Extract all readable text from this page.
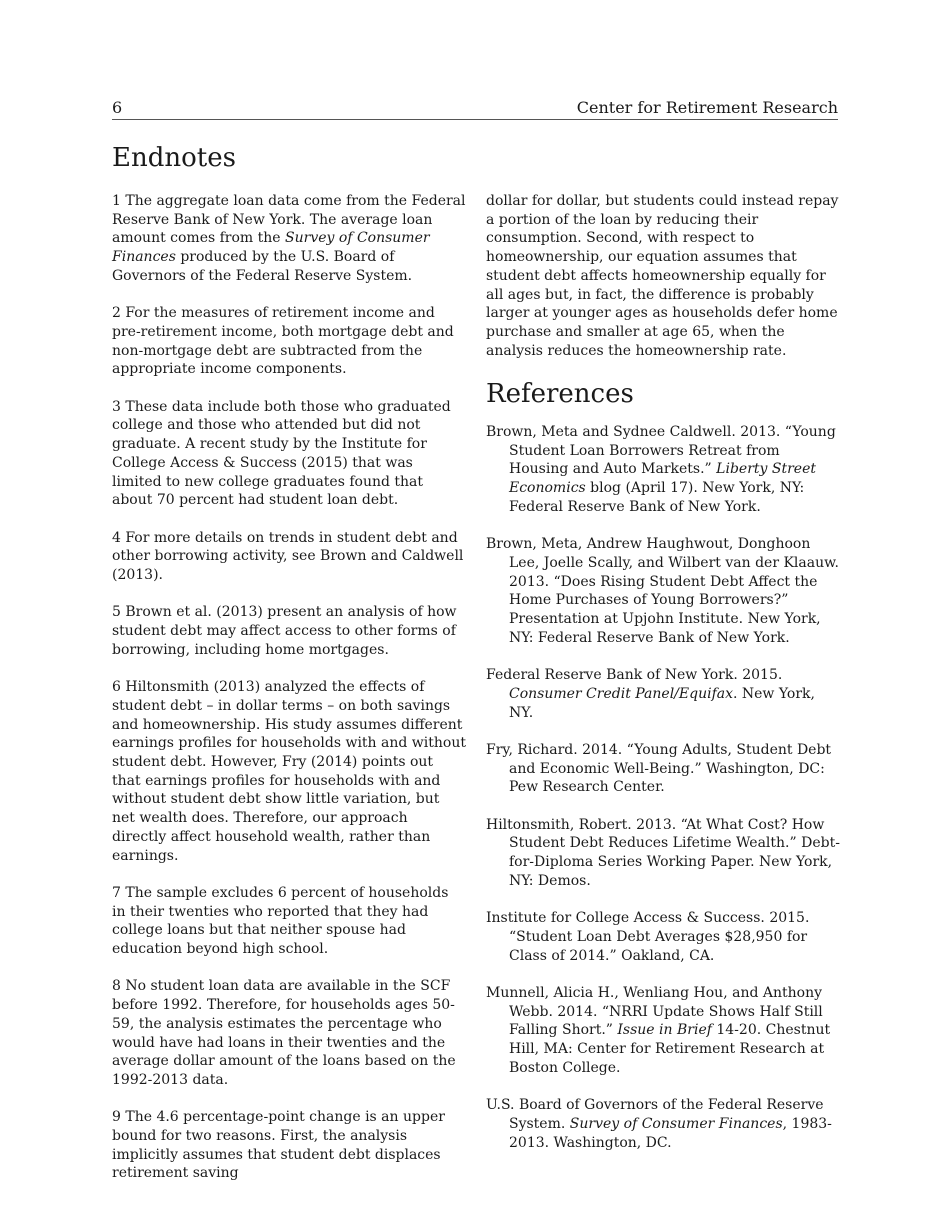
6	Center for Retirement Research
Endnotes

1 The aggregate loan data come from the Federal Reserve Bank of New York. The average loan amount comes from the Survey of Consumer Finances produced by the U.S. Board of Governors of the Federal Reserve System.

2 For the measures of retirement income and pre-retirement income, both mortgage debt and non-mortgage debt are subtracted from the appropriate income components.

3 These data include both those who graduated college and those who attended but did not graduate. A recent study by the Institute for College Access & Success (2015) that was limited to new college graduates found that about 70 percent had student loan debt.

4 For more details on trends in student debt and other borrowing activity, see Brown and Caldwell (2013).

5 Brown et al. (2013) present an analysis of how student debt may affect access to other forms of borrowing, including home mortgages.

6 Hiltonsmith (2013) analyzed the effects of student debt – in dollar terms – on both savings and homeownership. His study assumes different earnings profiles for households with and without student debt. However, Fry (2014) points out that earnings profiles for households with and without student debt show little variation, but net wealth does. Therefore, our approach directly affect household wealth, rather than earnings.

7 The sample excludes 6 percent of households in their twenties who reported that they had college loans but that neither spouse had education beyond high school.

8 No student loan data are available in the SCF before 1992. Therefore, for households ages 50-59, the analysis estimates the percentage who would have had loans in their twenties and the average dollar amount of the loans based on the 1992-2013 data.

9 The 4.6 percentage-point change is an upper bound for two reasons. First, the analysis implicitly assumes that student debt displaces retirement saving

dollar for dollar, but students could instead repay a portion of the loan by reducing their consumption. Second, with respect to homeownership, our equation assumes that student debt affects homeownership equally for all ages but, in fact, the difference is probably larger at younger ages as households defer home purchase and smaller at age 65, when the analysis reduces the homeownership rate.

References

Brown, Meta and Sydnee Caldwell. 2013. “Young Student Loan Borrowers Retreat from Housing and Auto Markets.” Liberty Street Economics blog (April 17). New York, NY: Federal Reserve Bank of New York.

Brown, Meta, Andrew Haughwout, Donghoon Lee, Joelle Scally, and Wilbert van der Klaauw. 2013. “Does Rising Student Debt Affect the Home Purchases of Young Borrowers?” Presentation at Upjohn Institute. New York, NY: Federal Reserve Bank of New York.

Federal Reserve Bank of New York. 2015. Consumer Credit Panel/Equifax. New York, NY.

Fry, Richard. 2014. “Young Adults, Student Debt and Economic Well-Being.” Washington, DC: Pew Research Center.

Hiltonsmith, Robert. 2013. “At What Cost? How Student Debt Reduces Lifetime Wealth.” Debt-for-Diploma Series Working Paper. New York, NY: Demos.

Institute for College Access & Success. 2015. “Student Loan Debt Averages $28,950 for Class of 2014.” Oakland, CA.

Munnell, Alicia H., Wenliang Hou, and Anthony Webb. 2014. “NRRI Update Shows Half Still Falling Short.” Issue in Brief 14-20. Chestnut Hill, MA: Center for Retirement Research at Boston College.

U.S. Board of Governors of the Federal Reserve System. Survey of Consumer Finances, 1983-2013. Washington, DC.
